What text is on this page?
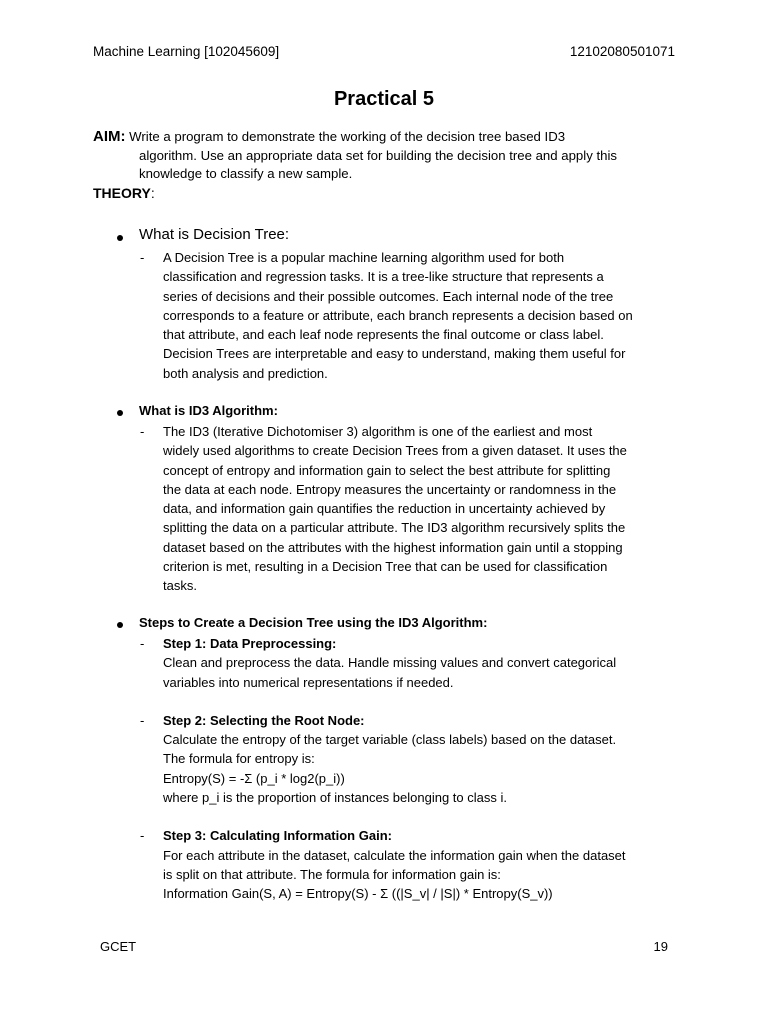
Machine Learning [102045609]	12102080501071
Practical 5
AIM: Write a program to demonstrate the working of the decision tree based ID3
algorithm. Use an appropriate data set for building the decision tree and apply this
knowledge to classify a new sample.
THEORY:
What is Decision Tree:
- A Decision Tree is a popular machine learning algorithm used for both
classification and regression tasks. It is a tree-like structure that represents a
series of decisions and their possible outcomes. Each internal node of the tree
corresponds to a feature or attribute, each branch represents a decision based on
that attribute, and each leaf node represents the final outcome or class label.
Decision Trees are interpretable and easy to understand, making them useful for
both analysis and prediction.
What is ID3 Algorithm:
- The ID3 (Iterative Dichotomiser 3) algorithm is one of the earliest and most
widely used algorithms to create Decision Trees from a given dataset. It uses the
concept of entropy and information gain to select the best attribute for splitting
the data at each node. Entropy measures the uncertainty or randomness in the
data, and information gain quantifies the reduction in uncertainty achieved by
splitting the data on a particular attribute. The ID3 algorithm recursively splits the
dataset based on the attributes with the highest information gain until a stopping
criterion is met, resulting in a Decision Tree that can be used for classification
tasks.
Steps to Create a Decision Tree using the ID3 Algorithm:
- Step 1: Data Preprocessing:
Clean and preprocess the data. Handle missing values and convert categorical
variables into numerical representations if needed.
- Step 2: Selecting the Root Node:
Calculate the entropy of the target variable (class labels) based on the dataset.
The formula for entropy is:
Entropy(S) = -Σ (p_i * log2(p_i))
where p_i is the proportion of instances belonging to class i.
- Step 3: Calculating Information Gain:
For each attribute in the dataset, calculate the information gain when the dataset
is split on that attribute. The formula for information gain is:
Information Gain(S, A) = Entropy(S) - Σ ((|S_v| / |S|) * Entropy(S_v))
GCET	19
